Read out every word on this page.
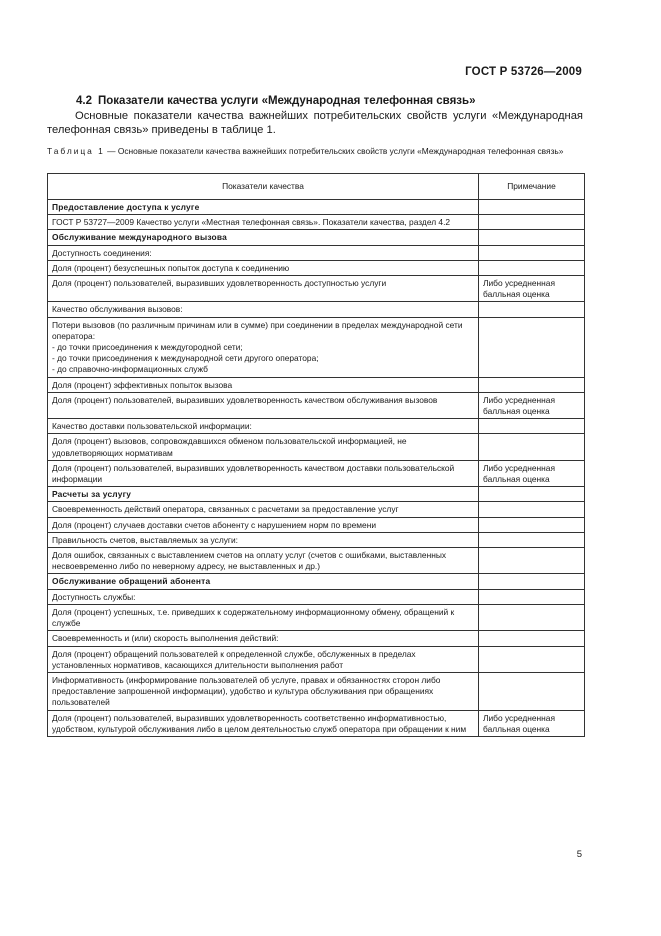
ГОСТ Р 53726—2009
4.2 Показатели качества услуги «Международная телефонная связь»
Основные показатели качества важнейших потребительских свойств услуги «Международная телефонная связь» приведены в таблице 1.
Таблица 1 — Основные показатели качества важнейших потребительских свойств услуги «Международная телефонная связь»
Показатели качества	Примечание
Предоставление доступа к услуге	
ГОСТ Р 53727—2009 Качество услуги «Местная телефонная связь». Показатели качества, раздел 4.2	
Обслуживание международного вызова	
Доступность соединения:	
Доля (процент) безуспешных попыток доступа к соединению	
Доля (процент) пользователей, выразивших удовлетворенность доступностью услуги	Либо усредненная балльная оценка
Качество обслуживания вызовов:	
Потери вызовов (по различным причинам или в сумме) при соединении в пределах международной сети оператора:
- до точки присоединения к междугородной сети;
- до точки присоединения к международной сети другого оператора;
- до справочно-информационных служб	
Доля (процент) эффективных попыток вызова	
Доля (процент) пользователей, выразивших удовлетворенность качеством обслуживания вызовов	Либо усредненная балльная оценка
Качество доставки пользовательской информации:	
Доля (процент) вызовов, сопровождавшихся обменом пользовательской информацией, не удовлетворяющих нормативам	
Доля (процент) пользователей, выразивших удовлетворенность качеством доставки пользовательской информации	Либо усредненная балльная оценка
Расчеты за услугу	
Своевременность действий оператора, связанных с расчетами за предоставление услуг	
Доля (процент) случаев доставки счетов абоненту с нарушением норм по времени	
Правильность счетов, выставляемых за услуги:	
Доля ошибок, связанных с выставлением счетов на оплату услуг (счетов с ошибками, выставленных несвоевременно либо по неверному адресу, не выставленных и др.)	
Обслуживание обращений абонента	
Доступность службы:	
Доля (процент) успешных, т.е. приведших к содержательному информационному обмену, обращений к службе	
Своевременность и (или) скорость выполнения действий:	
Доля (процент) обращений пользователей к определенной службе, обслуженных в пределах установленных нормативов, касающихся длительности выполнения работ	
Информативность (информирование пользователей об услуге, правах и обязанностях сторон либо предоставление запрошенной информации), удобство и культура обслуживания при обращениях пользователей	
Доля (процент) пользователей, выразивших удовлетворенность соответственно информативностью, удобством, культурой обслуживания либо в целом деятельностью служб оператора при обращении к ним	Либо усредненная балльная оценка
5
